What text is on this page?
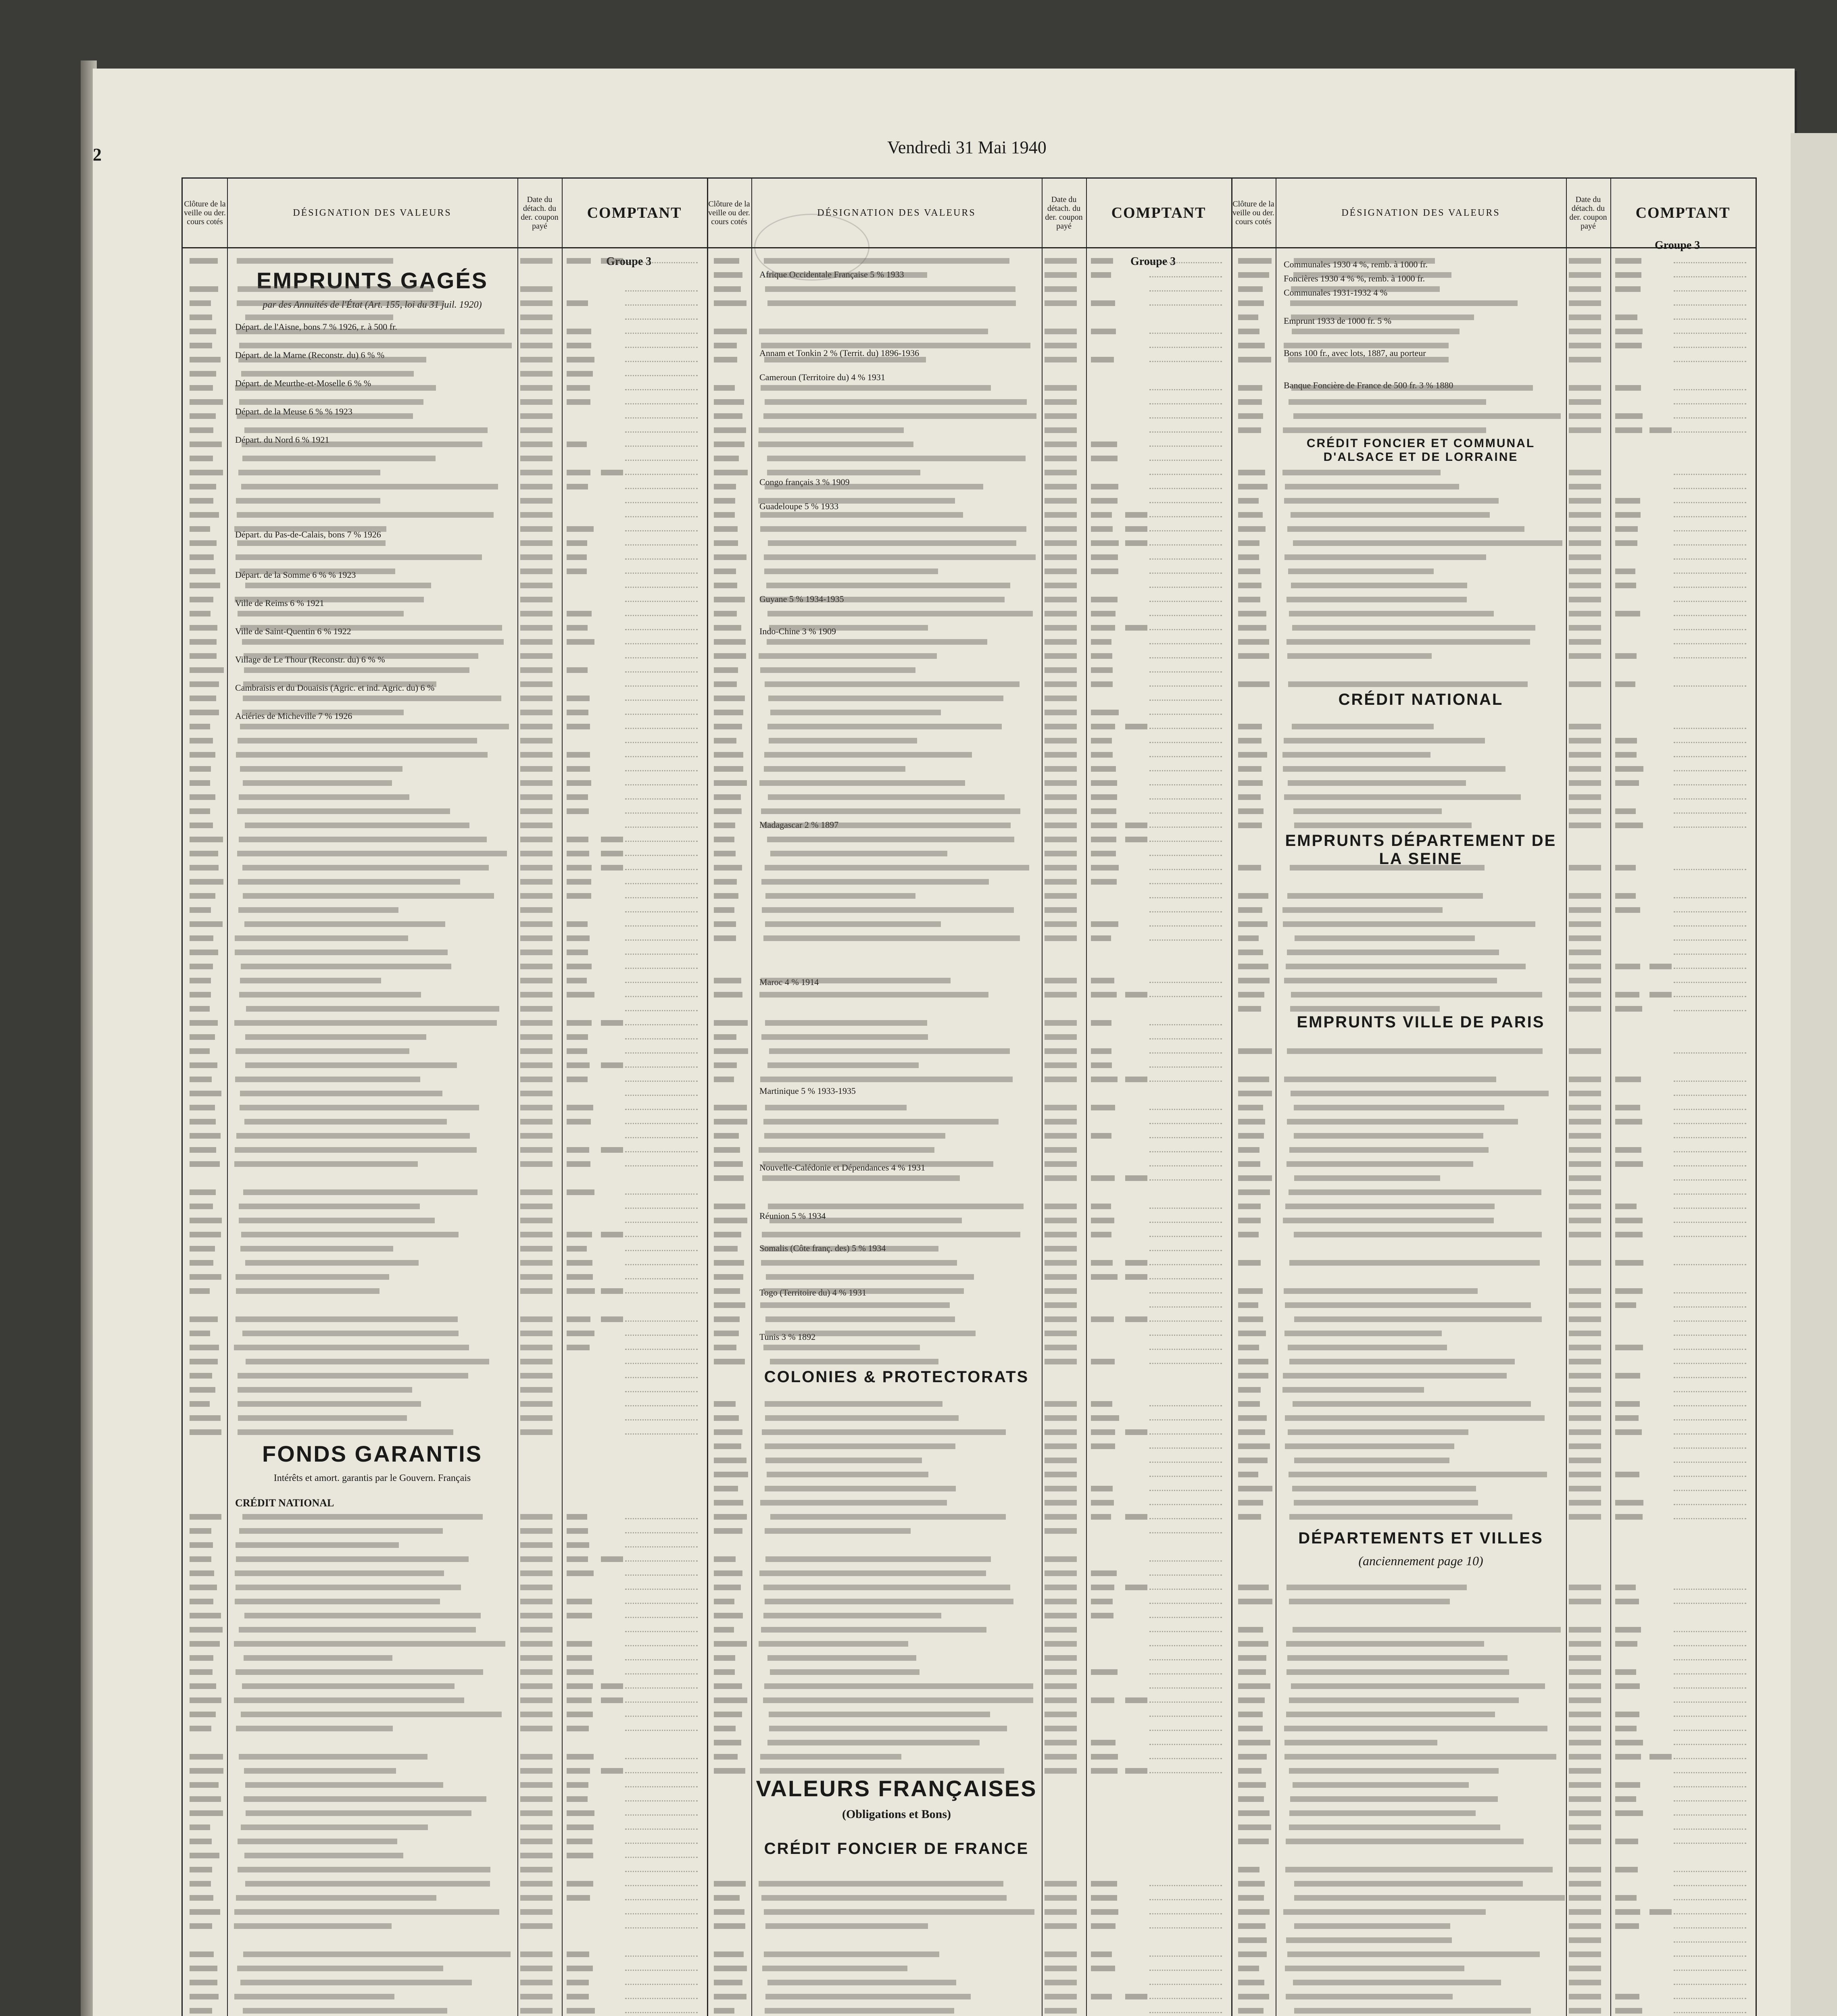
2	Vendredi 31 Mai 1940
Clôture de la veille ou der. cours cotés
DÉSIGNATION DES VALEURS
Date du détach. du der. coupon payé
COMPTANT
Groupe 3
EMPRUNTS GAGÉS
par des Annuités de l'État (Art. 155, loi du 31 juil. 1920)
Départ. de l'Aisne, bons 7 % 1926, r. à 500 fr.
Départ. de la Marne (Reconstr. du) 6 % %
Départ. de Meurthe-et-Moselle 6 % %
Départ. de la Meuse 6 % % 1923
Départ. du Nord 6 % 1921
Départ. du Pas-de-Calais, bons 7 % 1926
Départ. de la Somme 6 % % 1923
Ville de Reims 6 % 1921
Ville de Saint-Quentin 6 % 1922
Village de Le Thour (Reconstr. du) 6 % %
Cambraisis et du Douaisis (Agric. et ind. Agric. du) 6 %
Aciéries de Micheville 7 % 1926
FONDS GARANTIS
Intérêts et amort. garantis par le Gouvern. Français
CRÉDIT NATIONAL
Clôture de la veille ou der. cours cotés
DÉSIGNATION DES VALEURS
Date du détach. du der. coupon payé
COMPTANT
Groupe 3
Afrique Occidentale Française 5 % 1933
Annam et Tonkin 2 % (Territ. du) 1896-1936
Cameroun (Territoire du) 4 % 1931
Congo français 3 % 1909
Guadeloupe 5 % 1933
Guyane 5 % 1934-1935
Indo-Chine 3 % 1909
Madagascar 2 % 1897
Maroc 4 % 1914
Martinique 5 % 1933-1935
Nouvelle-Calédonie et Dépendances 4 % 1931
Réunion 5 % 1934
Somalis (Côte franç. des) 5 % 1934
Togo (Territoire du) 4 % 1931
Tunis 3 % 1892
COLONIES & PROTECTORATS
VALEURS FRANÇAISES
(Obligations et Bons)
CRÉDIT FONCIER DE FRANCE
Clôture de la veille ou der. cours cotés
DÉSIGNATION DES VALEURS
Date du détach. du der. coupon payé
COMPTANT
Groupe 3
Communales 1930 4 %, remb. à 1000 fr.
Foncières 1930 4 % %, remb. à 1000 fr.
Communales 1931-1932 4 %
Emprunt 1933 de 1000 fr. 5 %
Bons 100 fr., avec lots, 1887, au porteur
Banque Foncière de France de 500 fr. 3 % 1880
CRÉDIT FONCIER ET COMMUNAL D'ALSACE ET DE LORRAINE
CRÉDIT NATIONAL
EMPRUNTS DÉPARTEMENT DE LA SEINE
EMPRUNTS VILLE DE PARIS
DÉPARTEMENTS ET VILLES
(anciennement page 10)
